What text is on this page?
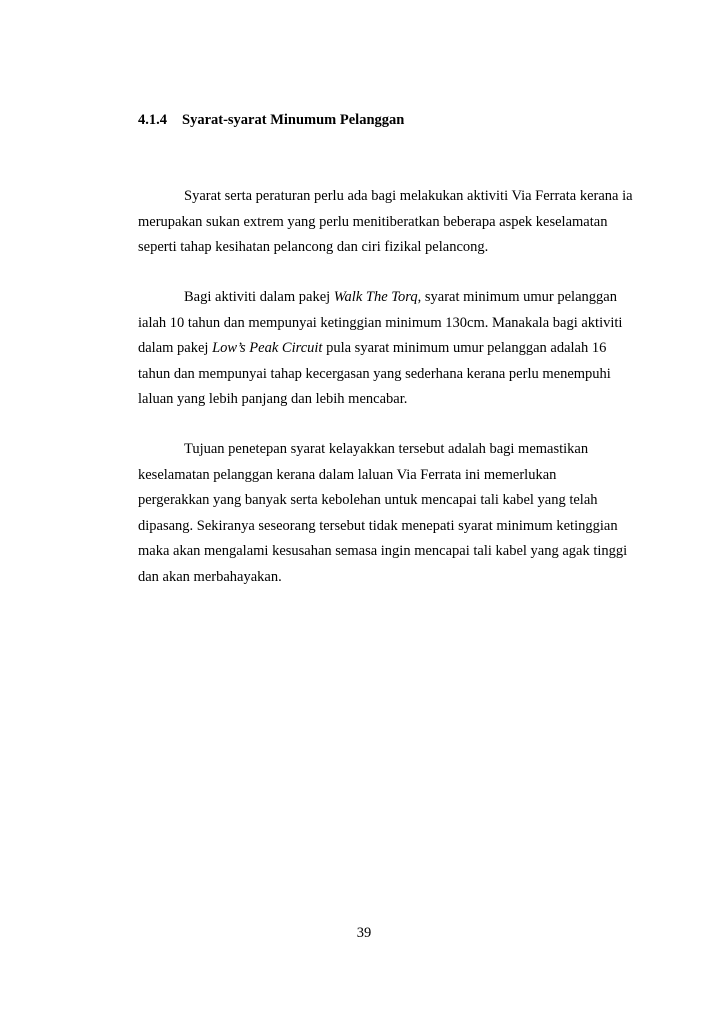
4.1.4 Syarat-syarat Minumum Pelanggan
Syarat serta peraturan perlu ada bagi melakukan aktiviti Via Ferrata kerana ia
merupakan sukan extrem yang perlu menitiberatkan beberapa aspek keselamatan
seperti tahap kesihatan pelancong dan ciri fizikal pelancong.
Bagi aktiviti dalam pakej Walk The Torq, syarat minimum umur pelanggan
ialah 10 tahun dan mempunyai ketinggian minimum 130cm. Manakala bagi aktiviti
dalam pakej Low’s Peak Circuit pula syarat minimum umur pelanggan adalah 16
tahun dan mempunyai tahap kecergasan yang sederhana kerana perlu menempuhi
laluan yang lebih panjang dan lebih mencabar.
Tujuan penetepan syarat kelayakkan tersebut adalah bagi memastikan
keselamatan pelanggan kerana dalam laluan Via Ferrata ini memerlukan
pergerakkan yang banyak serta kebolehan untuk mencapai tali kabel yang telah
dipasang. Sekiranya seseorang tersebut tidak menepati syarat minimum ketinggian
maka akan mengalami kesusahan semasa ingin mencapai tali kabel yang agak tinggi
dan akan merbahayakan.
39
